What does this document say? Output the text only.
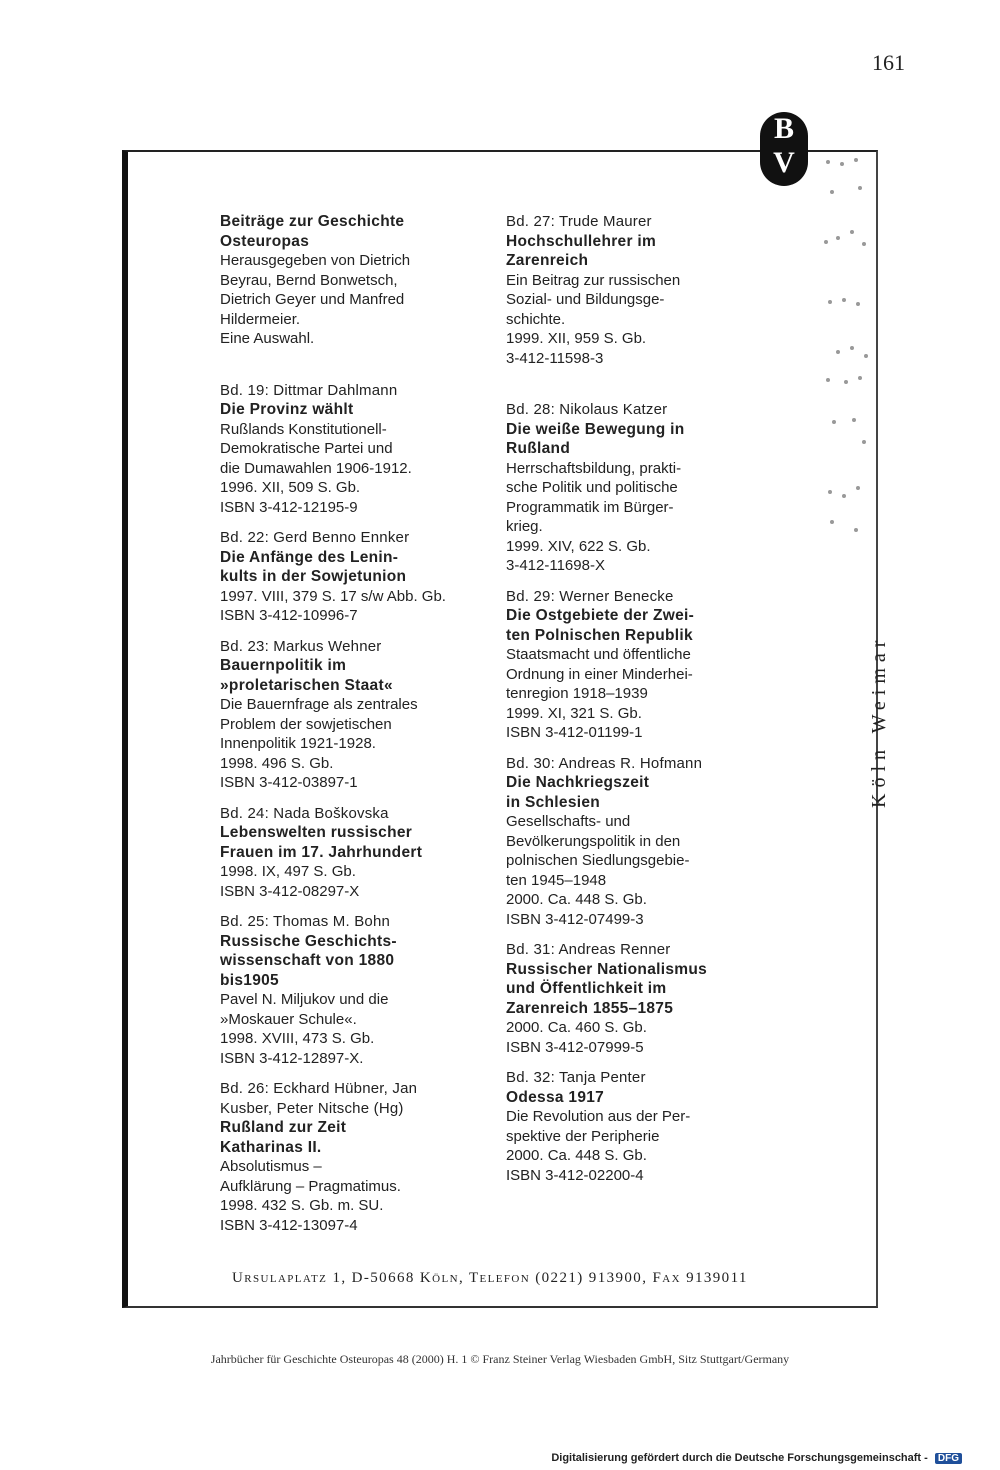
161
Beiträge zur Geschichte Osteuropas
Herausgegeben von Dietrich
Beyrau, Bernd Bonwetsch,
Dietrich Geyer und Manfred
Hildermeier.
Eine Auswahl.
Bd. 19: Dittmar Dahlmann
Die Provinz wählt
Rußlands Konstitutionell-
Demokratische Partei und
die Dumawahlen 1906-1912.
1996. XII, 509 S. Gb.
ISBN 3-412-12195-9
Bd. 22: Gerd Benno Ennker
Die Anfänge des Lenin-
kults in der Sowjetunion
1997. VIII, 379 S. 17 s/w Abb. Gb.
ISBN 3-412-10996-7
Bd. 23: Markus Wehner
Bauernpolitik im
»proletarischen Staat«
Die Bauernfrage als zentrales
Problem der sowjetischen
Innenpolitik 1921-1928.
1998. 496 S. Gb.
ISBN 3-412-03897-1
Bd. 24: Nada Boškovska
Lebenswelten russischer
Frauen im 17. Jahrhundert
1998. IX, 497 S. Gb.
ISBN 3-412-08297-X
Bd. 25: Thomas M. Bohn
Russische Geschichts-
wissenschaft von 1880
bis1905
Pavel N. Miljukov und die
»Moskauer Schule«.
1998. XVIII, 473 S. Gb.
ISBN 3-412-12897-X.
Bd. 26: Eckhard Hübner, Jan
Kusber, Peter Nitsche (Hg)
Rußland zur Zeit
Katharinas II.
Absolutismus –
Aufklärung – Pragmatimus.
1998. 432 S. Gb. m. SU.
ISBN 3-412-13097-4
Bd. 27: Trude Maurer
Hochschullehrer im
Zarenreich
Ein Beitrag zur russischen
Sozial- und Bildungsge-
schichte.
1999. XII, 959 S. Gb.
3-412-11598-3
Bd. 28: Nikolaus Katzer
Die weiße Bewegung in
Rußland
Herrschaftsbildung, prakti-
sche Politik und politische
Programmatik im Bürger-
krieg.
1999. XIV, 622 S. Gb.
3-412-11698-X
Bd. 29: Werner Benecke
Die Ostgebiete der Zwei-
ten Polnischen Republik
Staatsmacht und öffentliche
Ordnung in einer Minderhei-
tenregion 1918–1939
1999. XI, 321 S. Gb.
ISBN 3-412-01199-1
Bd. 30: Andreas R. Hofmann
Die Nachkriegszeit
in Schlesien
Gesellschafts- und
Bevölkerungspolitik in den
polnischen Siedlungsgebie-
ten 1945–1948
2000. Ca. 448 S. Gb.
ISBN 3-412-07499-3
Bd. 31: Andreas Renner
Russischer Nationalismus
und Öffentlichkeit im
Zarenreich 1855–1875
2000. Ca. 460 S. Gb.
ISBN 3-412-07999-5
Bd. 32: Tanja Penter
Odessa 1917
Die Revolution aus der Per-
spektive der Peripherie
2000. Ca. 448 S. Gb.
ISBN 3-412-02200-4
Ursulaplatz 1, D-50668 Köln, Telefon (0221) 913900, Fax 9139011
B
V
Köln Weimar
Jahrbücher für Geschichte Osteuropas 48 (2000) H. 1 © Franz Steiner Verlag Wiesbaden GmbH, Sitz Stuttgart/Germany
Digitalisierung gefördert durch die Deutsche Forschungsgemeinschaft - DFG
